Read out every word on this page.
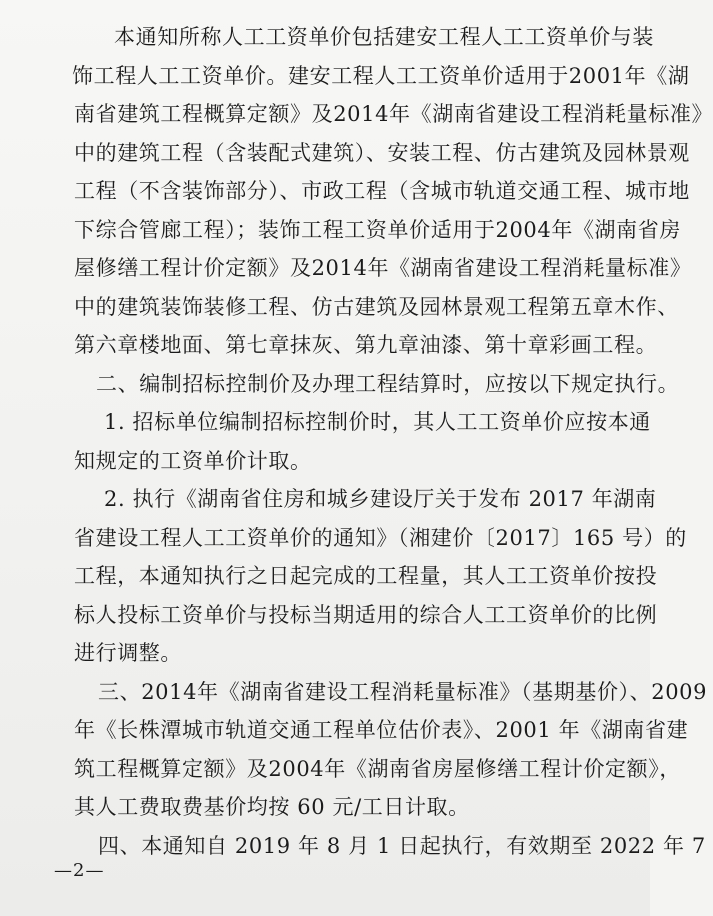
本通知所称人工工资单价包括建安工程人工工资单价与装
饰工程人工工资单价。建安工程人工工资单价适用于2001年《湖
南省建筑工程概算定额》及2014年《湖南省建设工程消耗量标准》
中的建筑工程（含装配式建筑）、安装工程、仿古建筑及园林景观
工程（不含装饰部分）、市政工程（含城市轨道交通工程、城市地
下综合管廊工程）；装饰工程工资单价适用于2004年《湖南省房
屋修缮工程计价定额》及2014年《湖南省建设工程消耗量标准》
中的建筑装饰装修工程、仿古建筑及园林景观工程第五章木作、
第六章楼地面、第七章抹灰、第九章油漆、第十章彩画工程。
二、编制招标控制价及办理工程结算时，应按以下规定执行。
1. 招标单位编制招标控制价时，其人工工资单价应按本通
知规定的工资单价计取。
2. 执行《湖南省住房和城乡建设厅关于发布 2017 年湖南
省建设工程人工工资单价的通知》（湘建价〔2017〕165 号）的
工程，本通知执行之日起完成的工程量，其人工工资单价按投
标人投标工资单价与投标当期适用的综合人工工资单价的比例
进行调整。
三、2014年《湖南省建设工程消耗量标准》（基期基价）、2009
年《长株潭城市轨道交通工程单位估价表》、2001 年《湖南省建
筑工程概算定额》及2004年《湖南省房屋修缮工程计价定额》，
其人工费取费基价均按 60 元/工日计取。
四、本通知自 2019 年 8 月 1 日起执行，有效期至 2022 年 7
—2—
